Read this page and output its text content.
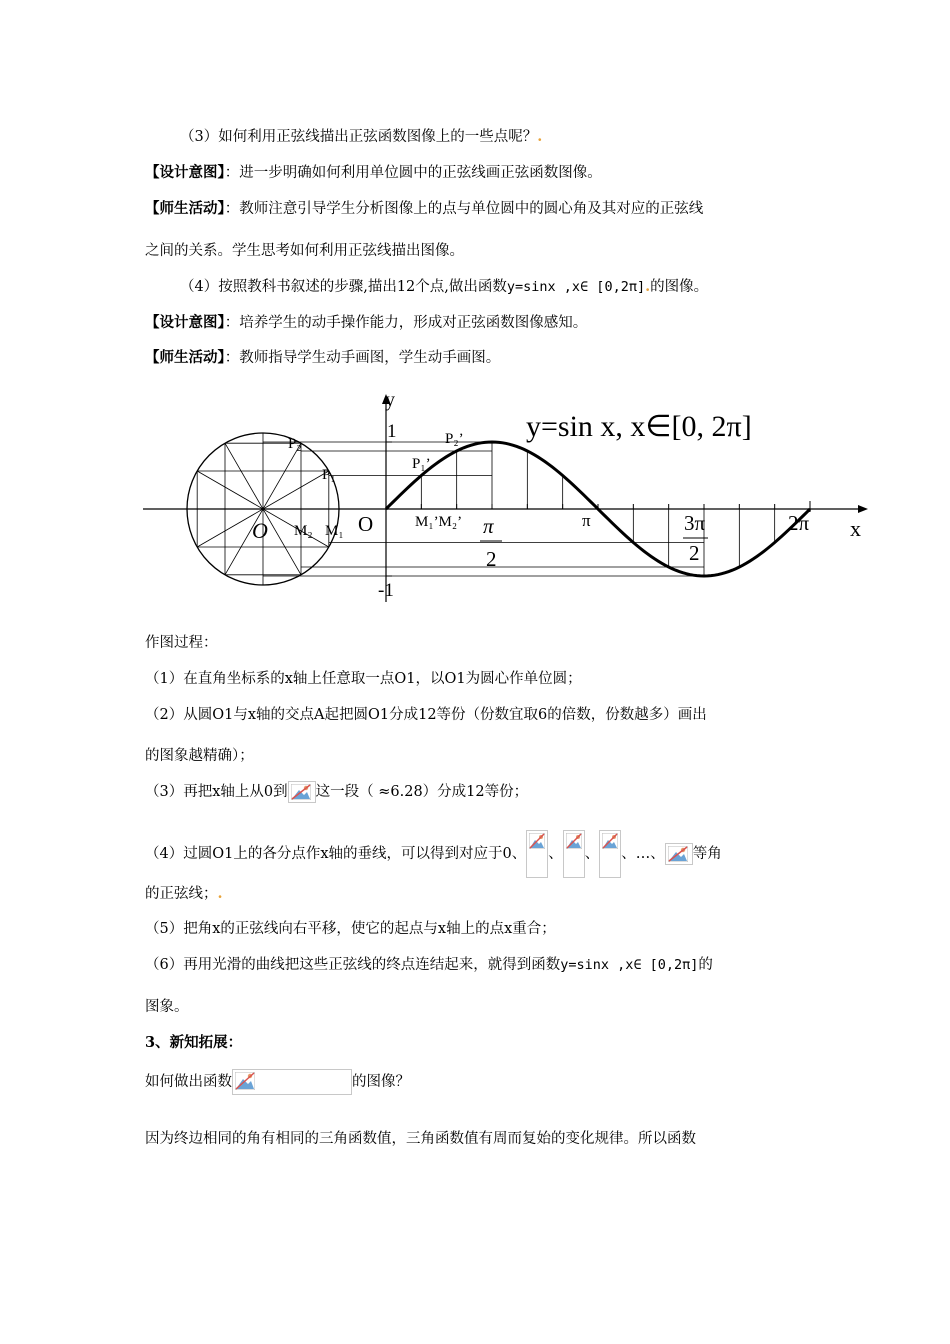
（3）如何利用正弦线描出正弦函数图像上的一些点呢？.
【设计意图】：进一步明确如何利用单位圆中的正弦线画正弦函数图像。
【师生活动】：教师注意引导学生分析图像上的点与单位圆中的圆心角及其对应的正弦线
之间的关系。学生思考如何利用正弦线描出图像。
（4）按照教科书叙述的步骤,描出12个点,做出函数y=sinx ,x∈ [0,2π].的图像。
【设计意图】：培养学生的动手操作能力，形成对正弦函数图像感知。
【师生活动】：教师指导学生动手画图，学生动手画图。
y
x
y=sin x, x∈[0, 2π]
1
-1
O
O
P₂
P₁
P₂’
P₁’
M₂ M₁
M₁’M₂’ π
2
π	3π
2
2π
作图过程：
（1）在直角坐标系的x轴上任意取一点O1，以O1为圆心作单位圆；
（2）从圆O1与x轴的交点A起把圆O1分成12等份（份数宜取6的倍数，份数越多）画出
的图象越精确）；
（3）再把x轴上从0到 这一段（ ≈6.28）分成12等份；
（4）过圆O1上的各分点作x轴的垂线，可以得到对应于0、 、 、 、…、 等角
的正弦线；.
（5）把角x的正弦线向右平移，使它的起点与x轴上的点x重合；
（6）再用光滑的曲线把这些正弦线的终点连结起来，就得到函数y=sinx ,x∈ [0,2π]的
图象。
3、新知拓展：
如何做出函数	的图像？
因为终边相同的角有相同的三角函数值，三角函数值有周而复始的变化规律。所以函数
